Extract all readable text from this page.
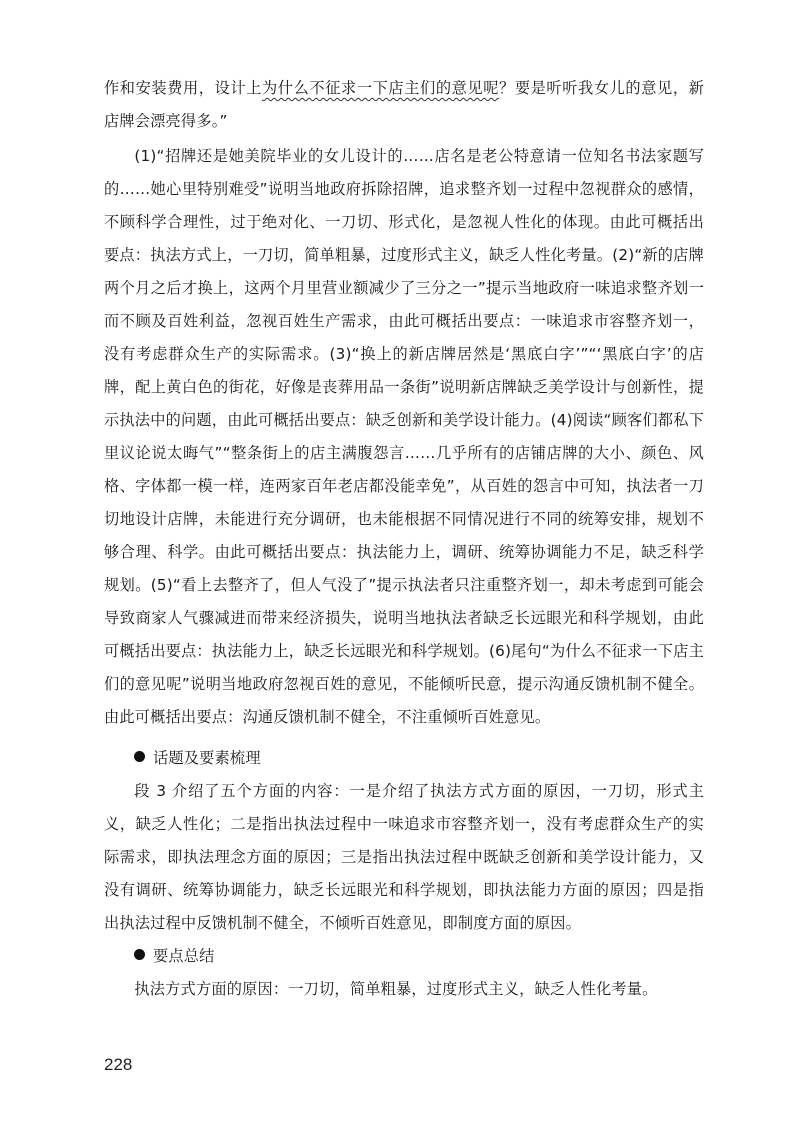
作和安装费用，设计上为什么不征求一下店主们的意见呢？要是听听我女儿的意见，新店牌会漂亮得多。”

(1)“招牌还是她美院毕业的女儿设计的……店名是老公特意请一位知名书法家题写的……她心里特别难受”说明当地政府拆除招牌，追求整齐划一过程中忽视群众的感情，不顾科学合理性，过于绝对化、一刀切、形式化，是忽视人性化的体现。由此可概括出要点：执法方式上，一刀切，简单粗暴，过度形式主义，缺乏人性化考量。(2)“新的店牌两个月之后才换上，这两个月里营业额减少了三分之一”提示当地政府一味追求整齐划一而不顾及百姓利益，忽视百姓生产需求，由此可概括出要点：一味追求市容整齐划一，没有考虑群众生产的实际需求。(3)“换上的新店牌居然是‘黑底白字’”“‘黑底白字’的店牌，配上黄白色的街花，好像是丧葬用品一条街”说明新店牌缺乏美学设计与创新性，提示执法中的问题，由此可概括出要点：缺乏创新和美学设计能力。(4)阅读“顾客们都私下里议论说太晦气”“整条街上的店主满腹怨言……几乎所有的店铺店牌的大小、颜色、风格、字体都一模一样，连两家百年老店都没能幸免”，从百姓的怨言中可知，执法者一刀切地设计店牌，未能进行充分调研，也未能根据不同情况进行不同的统筹安排，规划不够合理、科学。由此可概括出要点：执法能力上，调研、统筹协调能力不足，缺乏科学规划。(5)“看上去整齐了，但人气没了”提示执法者只注重整齐划一，却未考虑到可能会导致商家人气骤减进而带来经济损失，说明当地执法者缺乏长远眼光和科学规划，由此可概括出要点：执法能力上，缺乏长远眼光和科学规划。(6)尾句“为什么不征求一下店主们的意见呢”说明当地政府忽视百姓的意见，不能倾听民意，提示沟通反馈机制不健全。由此可概括出要点：沟通反馈机制不健全，不注重倾听百姓意见。

话题及要素梳理

段 3 介绍了五个方面的内容：一是介绍了执法方式方面的原因，一刀切，形式主义，缺乏人性化；二是指出执法过程中一味追求市容整齐划一，没有考虑群众生产的实际需求，即执法理念方面的原因；三是指出执法过程中既缺乏创新和美学设计能力，又没有调研、统筹协调能力，缺乏长远眼光和科学规划，即执法能力方面的原因；四是指出执法过程中反馈机制不健全，不倾听百姓意见，即制度方面的原因。

要点总结

执法方式方面的原因：一刀切，简单粗暴，过度形式主义，缺乏人性化考量。

228
